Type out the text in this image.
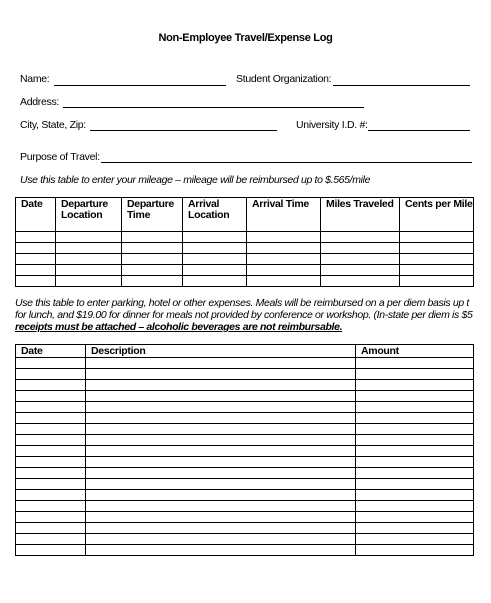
Non-Employee Travel/Expense Log
Name:	Student Organization:
Address:
City, State, Zip:	University I.D. #:
Purpose of Travel:
Use this table to enter your mileage – mileage will be reimbursed up to $.565/mile
Date	Departure Location	Departure Time	Arrival Location	Arrival Time	Miles Traveled	Cents per Mile

Use this table to enter parking, hotel or other expenses. Meals will be reimbursed on a per diem basis up t
for lunch, and $19.00 for dinner for meals not provided by conference or workshop. (In-state per diem is $5
receipts must be attached – alcoholic beverages are not reimbursable.
Date	Description	Amount
